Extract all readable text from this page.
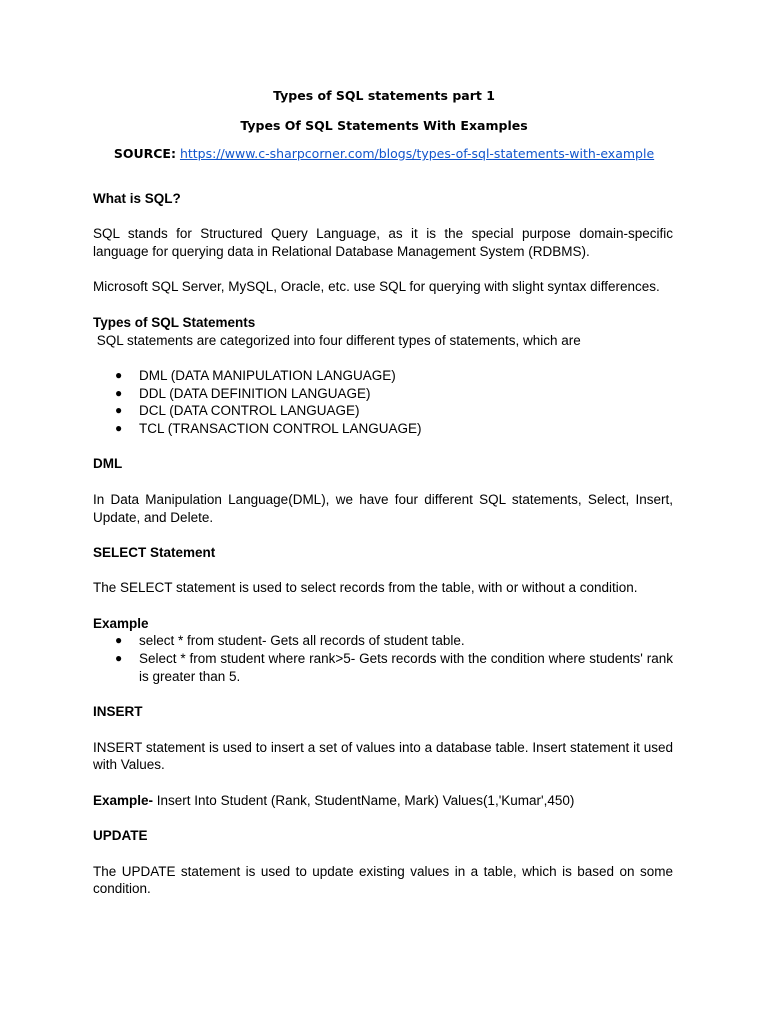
Types of SQL statements part 1

Types Of SQL Statements With Examples

SOURCE: https://www.c-sharpcorner.com/blogs/types-of-sql-statements-with-example

What is SQL?

SQL stands for Structured Query Language, as it is the special purpose domain-specific language for querying data in Relational Database Management System (RDBMS).

Microsoft SQL Server, MySQL, Oracle, etc. use SQL for querying with slight syntax differences.

Types of SQL Statements

SQL statements are categorized into four different types of statements, which are

● DML (DATA MANIPULATION LANGUAGE)
● DDL (DATA DEFINITION LANGUAGE)
● DCL (DATA CONTROL LANGUAGE)
● TCL (TRANSACTION CONTROL LANGUAGE)

DML

In Data Manipulation Language(DML), we have four different SQL statements, Select, Insert, Update, and Delete.

SELECT Statement

The SELECT statement is used to select records from the table, with or without a condition.

Example

● select * from student- Gets all records of student table.
● Select * from student where rank>5- Gets records with the condition where students' rank is greater than 5.

INSERT

INSERT statement is used to insert a set of values into a database table. Insert statement it used with Values.

Example- Insert Into Student (Rank, StudentName, Mark) Values(1,'Kumar',450)

UPDATE

The UPDATE statement is used to update existing values in a table, which is based on some condition.
